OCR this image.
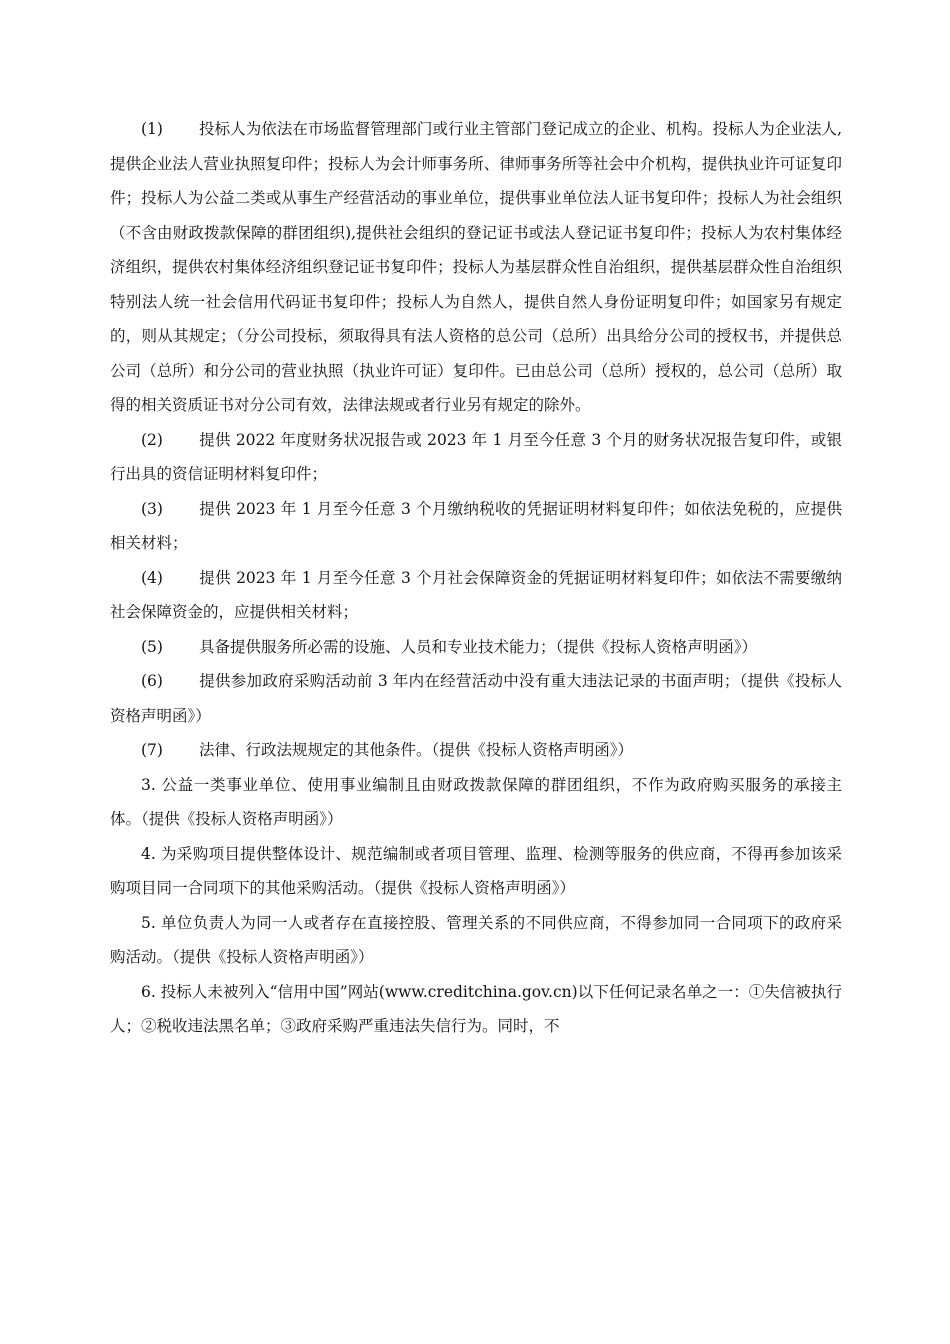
(1) 投标人为依法在市场监督管理部门或行业主管部门登记成立的企业、机构。投标人为企业法人,提供企业法人营业执照复印件；投标人为会计师事务所、律师事务所等社会中介机构，提供执业许可证复印件；投标人为公益二类或从事生产经营活动的事业单位，提供事业单位法人证书复印件；投标人为社会组织（不含由财政拨款保障的群团组织),提供社会组织的登记证书或法人登记证书复印件；投标人为农村集体经济组织，提供农村集体经济组织登记证书复印件；投标人为基层群众性自治组织，提供基层群众性自治组织特别法人统一社会信用代码证书复印件；投标人为自然人，提供自然人身份证明复印件；如国家另有规定的，则从其规定；（分公司投标，须取得具有法人资格的总公司（总所）出具给分公司的授权书，并提供总公司（总所）和分公司的营业执照（执业许可证）复印件。已由总公司（总所）授权的，总公司（总所）取得的相关资质证书对分公司有效，法律法规或者行业另有规定的除外。

(2) 提供 2022 年度财务状况报告或 2023 年 1 月至今任意 3 个月的财务状况报告复印件，或银行出具的资信证明材料复印件；

(3) 提供 2023 年 1 月至今任意 3 个月缴纳税收的凭据证明材料复印件；如依法免税的，应提供相关材料；

(4) 提供 2023 年 1 月至今任意 3 个月社会保障资金的凭据证明材料复印件；如依法不需要缴纳社会保障资金的，应提供相关材料；

(5) 具备提供服务所必需的设施、人员和专业技术能力；（提供《投标人资格声明函》）

(6) 提供参加政府采购活动前 3 年内在经营活动中没有重大违法记录的书面声明；（提供《投标人资格声明函》）

(7) 法律、行政法规规定的其他条件。（提供《投标人资格声明函》）

3. 公益一类事业单位、使用事业编制且由财政拨款保障的群团组织，不作为政府购买服务的承接主体。（提供《投标人资格声明函》）

4. 为采购项目提供整体设计、规范编制或者项目管理、监理、检测等服务的供应商，不得再参加该采购项目同一合同项下的其他采购活动。（提供《投标人资格声明函》）

5. 单位负责人为同一人或者存在直接控股、管理关系的不同供应商，不得参加同一合同项下的政府采购活动。（提供《投标人资格声明函》）

6. 投标人未被列入“信用中国”网站(www.creditchina.gov.cn)以下任何记录名单之一：①失信被执行人；②税收违法黑名单；③政府采购严重违法失信行为。同时，不
